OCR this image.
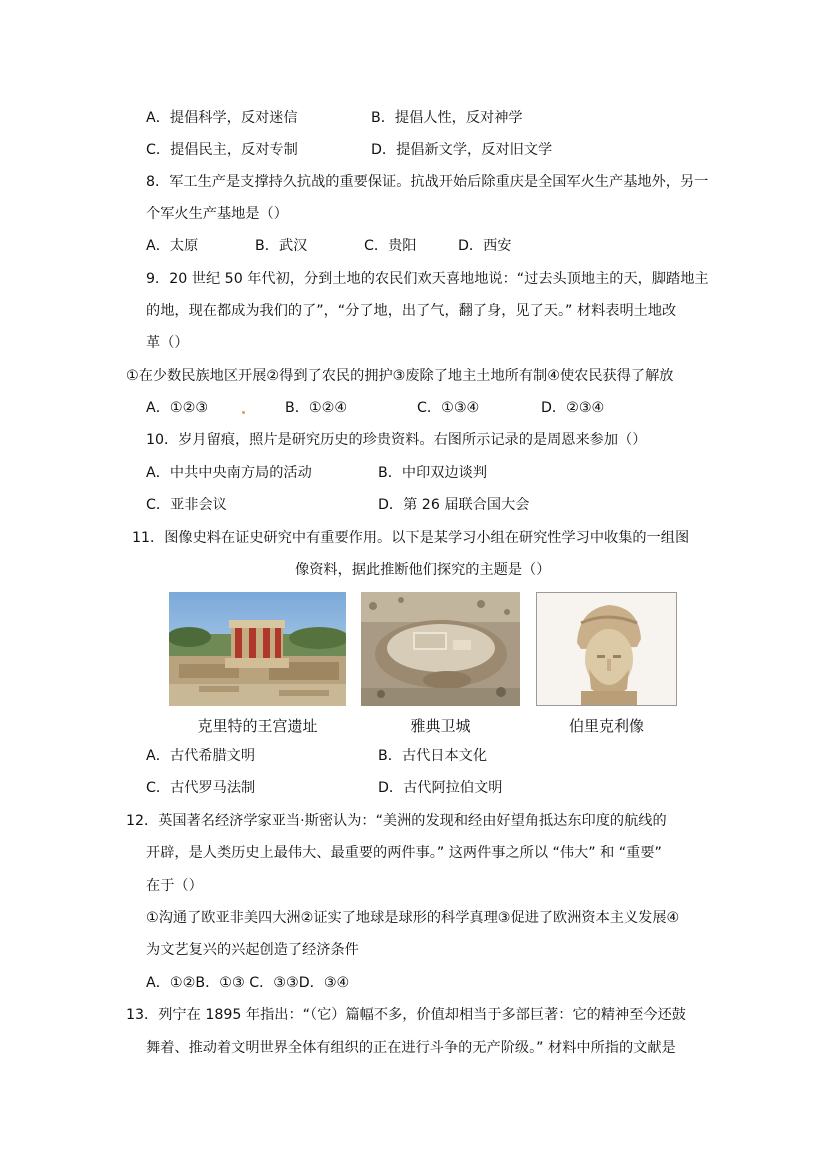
A．提倡科学，反对迷信	B．提倡人性，反对神学
C．提倡民主，反对专制	D．提倡新文学，反对旧文学
8．军工生产是支撑持久抗战的重要保证。抗战开始后除重庆是全国军火生产基地外，另一
个军火生产基地是（）
A．太原	B．武汉	C．贵阳	D．西安
9．20 世纪 50 年代初，分到土地的农民们欢天喜地地说：“过去头顶地主的天，脚踏地主
的地，现在都成为我们的了”，“分了地，出了气，翻了身，见了天。” 材料表明土地改
革（）
①在少数民族地区开展②得到了农民的拥护③废除了地主土地所有制④使农民获得了解放
A．①②③	B．①②④	C．①③④	D．②③④
10．岁月留痕，照片是研究历史的珍贵资料。右图所示记录的是周恩来参加（）
A．中共中央南方局的活动	B．中印双边谈判
C．亚非会议	D．第 26 届联合国大会
11．图像史料在证史研究中有重要作用。以下是某学习小组在研究性学习中收集的一组图
像资料，据此推断他们探究的主题是（）
克里特的王宫遗址	雅典卫城	伯里克利像
A．古代希腊文明	B．古代日本文化
C．古代罗马法制	D．古代阿拉伯文明
12．英国著名经济学家亚当·斯密认为：“美洲的发现和经由好望角抵达东印度的航线的
开辟，是人类历史上最伟大、最重要的两件事。” 这两件事之所以 “伟大” 和 “重要”
在于（）
①沟通了欧亚非美四大洲②证实了地球是球形的科学真理③促进了欧洲资本主义发展④
为文艺复兴的兴起创造了经济条件
A．①②B．①③ C．③③D．③④
13．列宁在 1895 年指出：“（它）篇幅不多，价值却相当于多部巨著：它的精神至今还鼓
舞着、推动着文明世界全体有组织的正在进行斗争的无产阶级。” 材料中所指的文献是
